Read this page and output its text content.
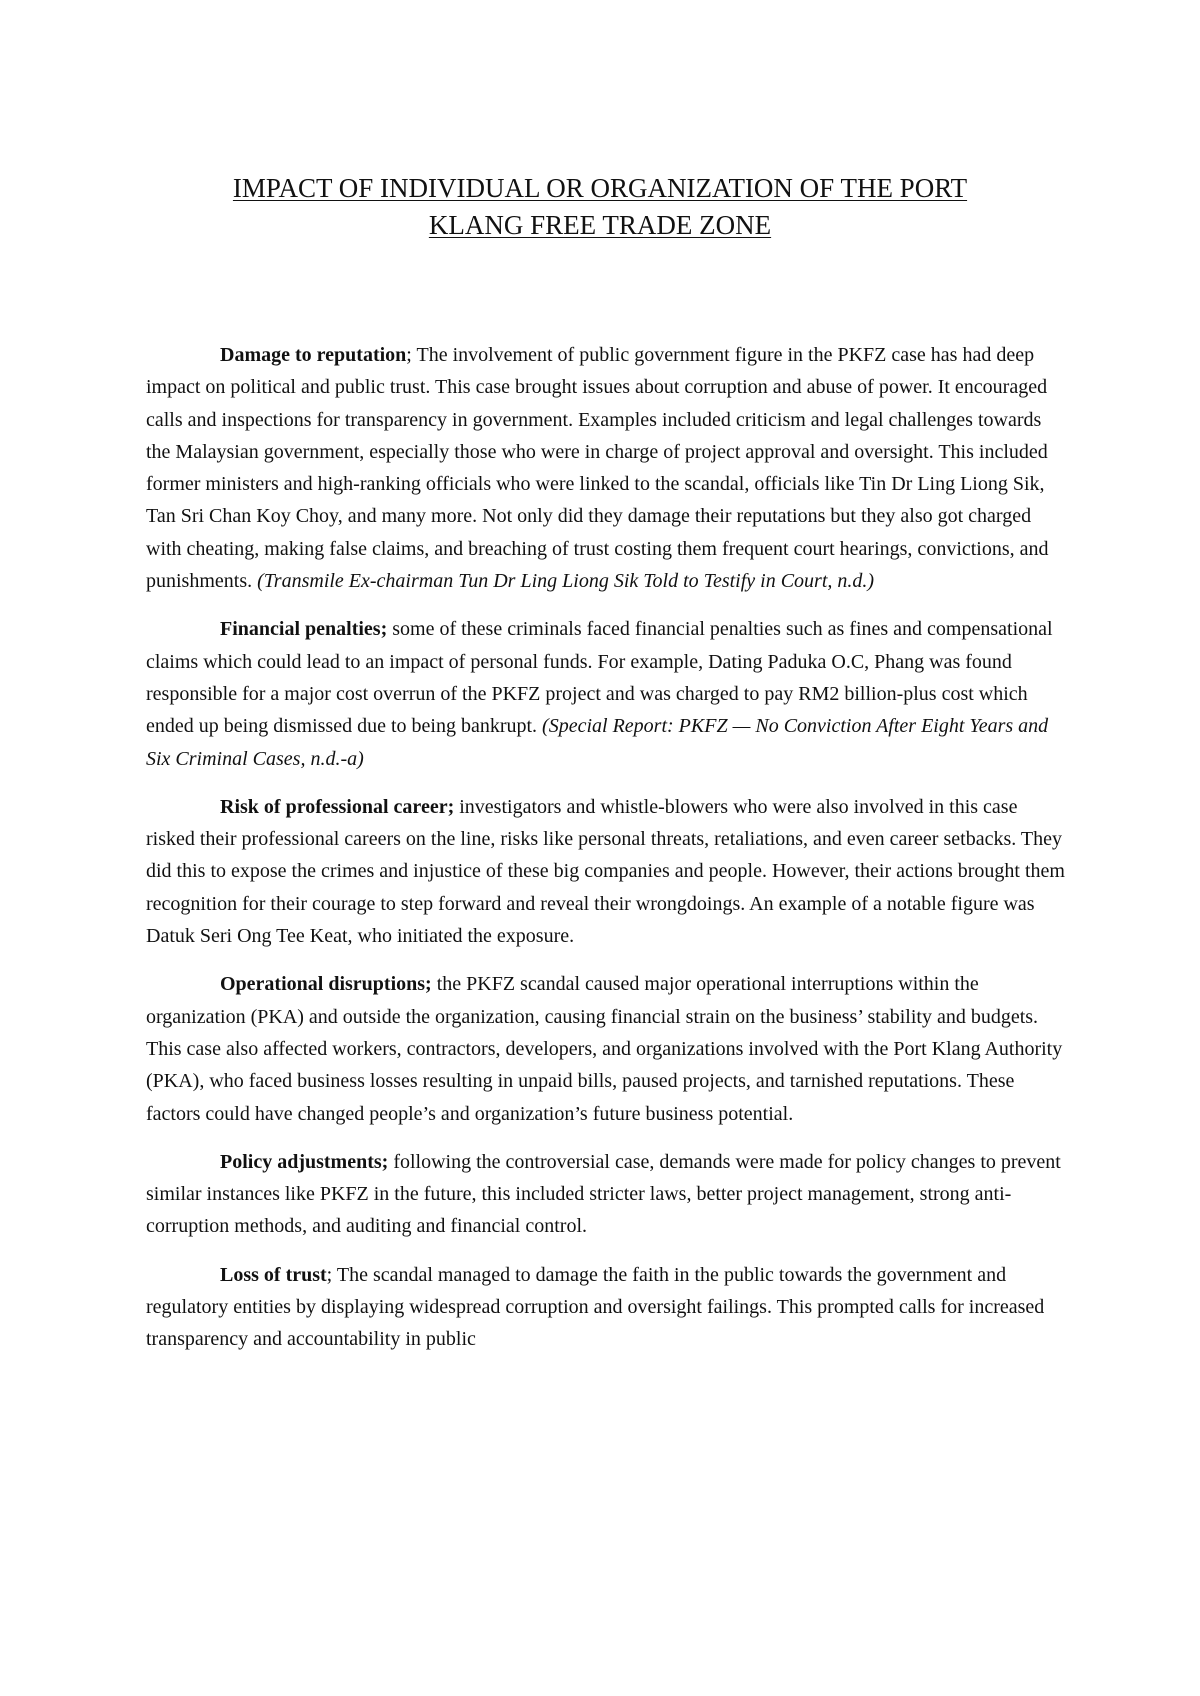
IMPACT OF INDIVIDUAL OR ORGANIZATION OF THE PORT
KLANG FREE TRADE ZONE

Damage to reputation; The involvement of public government figure in the PKFZ case has had deep impact on political and public trust. This case brought issues about corruption and abuse of power. It encouraged calls and inspections for transparency in government. Examples included criticism and legal challenges towards the Malaysian government, especially those who were in charge of project approval and oversight. This included former ministers and high-ranking officials who were linked to the scandal, officials like Tin Dr Ling Liong Sik, Tan Sri Chan Koy Choy, and many more. Not only did they damage their reputations but they also got charged with cheating, making false claims, and breaching of trust costing them frequent court hearings, convictions, and punishments. (Transmile Ex-chairman Tun Dr Ling Liong Sik Told to Testify in Court, n.d.)

Financial penalties; some of these criminals faced financial penalties such as fines and compensational claims which could lead to an impact of personal funds. For example, Dating Paduka O.C, Phang was found responsible for a major cost overrun of the PKFZ project and was charged to pay RM2 billion-plus cost which ended up being dismissed due to being bankrupt. (Special Report: PKFZ — No Conviction After Eight Years and Six Criminal Cases, n.d.-a)

Risk of professional career; investigators and whistle-blowers who were also involved in this case risked their professional careers on the line, risks like personal threats, retaliations, and even career setbacks. They did this to expose the crimes and injustice of these big companies and people. However, their actions brought them recognition for their courage to step forward and reveal their wrongdoings. An example of a notable figure was Datuk Seri Ong Tee Keat, who initiated the exposure.

Operational disruptions; the PKFZ scandal caused major operational interruptions within the organization (PKA) and outside the organization, causing financial strain on the business’ stability and budgets. This case also affected workers, contractors, developers, and organizations involved with the Port Klang Authority (PKA), who faced business losses resulting in unpaid bills, paused projects, and tarnished reputations. These factors could have changed people’s and organization’s future business potential.

Policy adjustments; following the controversial case, demands were made for policy changes to prevent similar instances like PKFZ in the future, this included stricter laws, better project management, strong anti-corruption methods, and auditing and financial control.

Loss of trust; The scandal managed to damage the faith in the public towards the government and regulatory entities by displaying widespread corruption and oversight failings. This prompted calls for increased transparency and accountability in public
